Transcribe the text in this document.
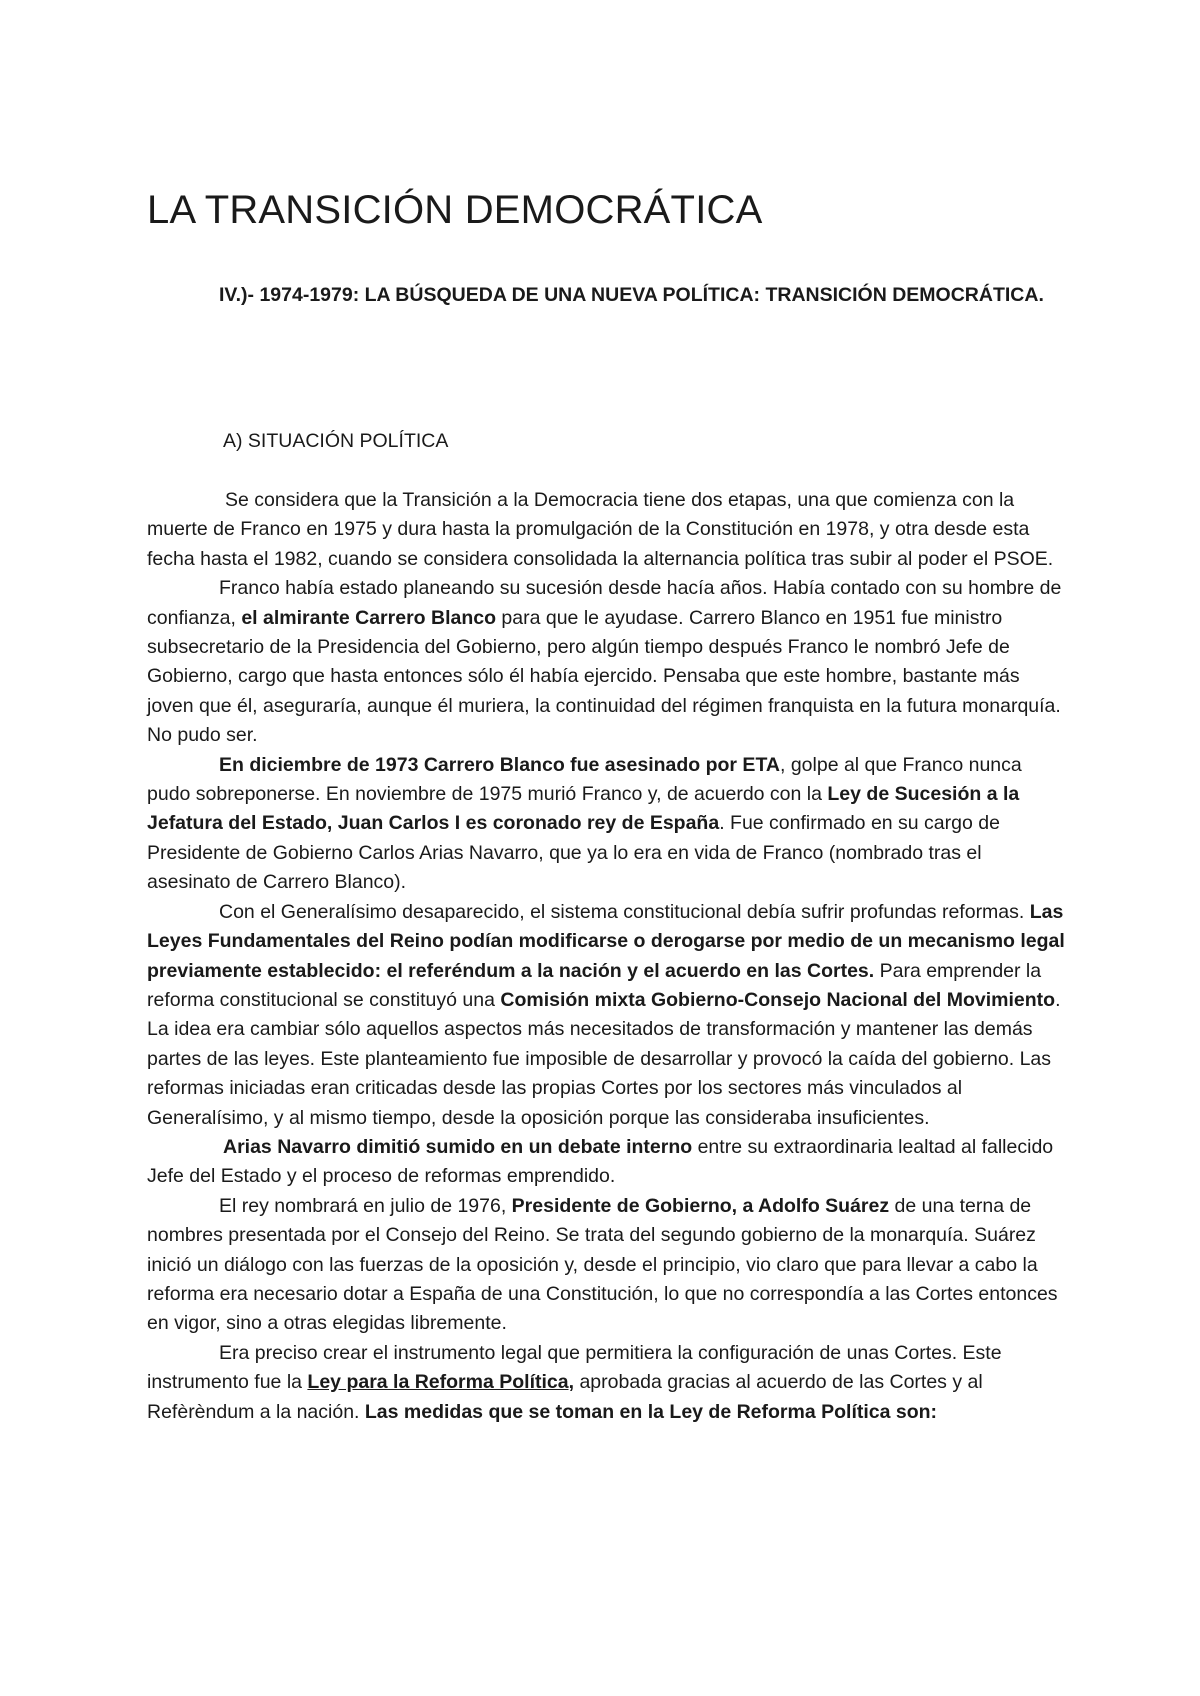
LA TRANSICIÓN DEMOCRÁTICA
IV.)- 1974-1979: LA BÚSQUEDA DE UNA NUEVA POLÍTICA: TRANSICIÓN DEMOCRÁTICA.
A) SITUACIÓN POLÍTICA

Se considera que la Transición a la Democracia tiene dos etapas, una que comienza con la muerte de Franco en 1975 y dura hasta la promulgación de la Constitución en 1978, y otra desde esta fecha hasta el 1982, cuando se considera consolidada la alternancia política tras subir al poder el PSOE.

Franco había estado planeando su sucesión desde hacía años. Había contado con su hombre de confianza, el almirante Carrero Blanco para que le ayudase. Carrero Blanco en 1951 fue ministro subsecretario de la Presidencia del Gobierno, pero algún tiempo después Franco le nombró Jefe de Gobierno, cargo que hasta entonces sólo él había ejercido. Pensaba que este hombre, bastante más joven que él, aseguraría, aunque él muriera, la continuidad del régimen franquista en la futura monarquía. No pudo ser.

En diciembre de 1973 Carrero Blanco fue asesinado por ETA, golpe al que Franco nunca pudo sobreponerse. En noviembre de 1975 murió Franco y, de acuerdo con la Ley de Sucesión a la Jefatura del Estado, Juan Carlos I es coronado rey de España. Fue confirmado en su cargo de Presidente de Gobierno Carlos Arias Navarro, que ya lo era en vida de Franco (nombrado tras el asesinato de Carrero Blanco).

Con el Generalísimo desaparecido, el sistema constitucional debía sufrir profundas reformas. Las Leyes Fundamentales del Reino podían modificarse o derogarse por medio de un mecanismo legal previamente establecido: el referéndum a la nación y el acuerdo en las Cortes. Para emprender la reforma constitucional se constituyó una Comisión mixta Gobierno-Consejo Nacional del Movimiento. La idea era cambiar sólo aquellos aspectos más necesitados de transformación y mantener las demás partes de las leyes. Este planteamiento fue imposible de desarrollar y provocó la caída del gobierno. Las reformas iniciadas eran criticadas desde las propias Cortes por los sectores más vinculados al Generalísimo, y al mismo tiempo, desde la oposición porque las consideraba insuficientes.

Arias Navarro dimitió sumido en un debate interno entre su extraordinaria lealtad al fallecido Jefe del Estado y el proceso de reformas emprendido.

El rey nombrará en julio de 1976, Presidente de Gobierno, a Adolfo Suárez de una terna de nombres presentada por el Consejo del Reino. Se trata del segundo gobierno de la monarquía. Suárez inició un diálogo con las fuerzas de la oposición y, desde el principio, vio claro que para llevar a cabo la reforma era necesario dotar a España de una Constitución, lo que no correspondía a las Cortes entonces en vigor, sino a otras elegidas libremente.

Era preciso crear el instrumento legal que permitiera la configuración de unas Cortes. Este instrumento fue la Ley para la Reforma Política, aprobada gracias al acuerdo de las Cortes y al Refèrèndum a la nación. Las medidas que se toman en la Ley de Reforma Política son:
